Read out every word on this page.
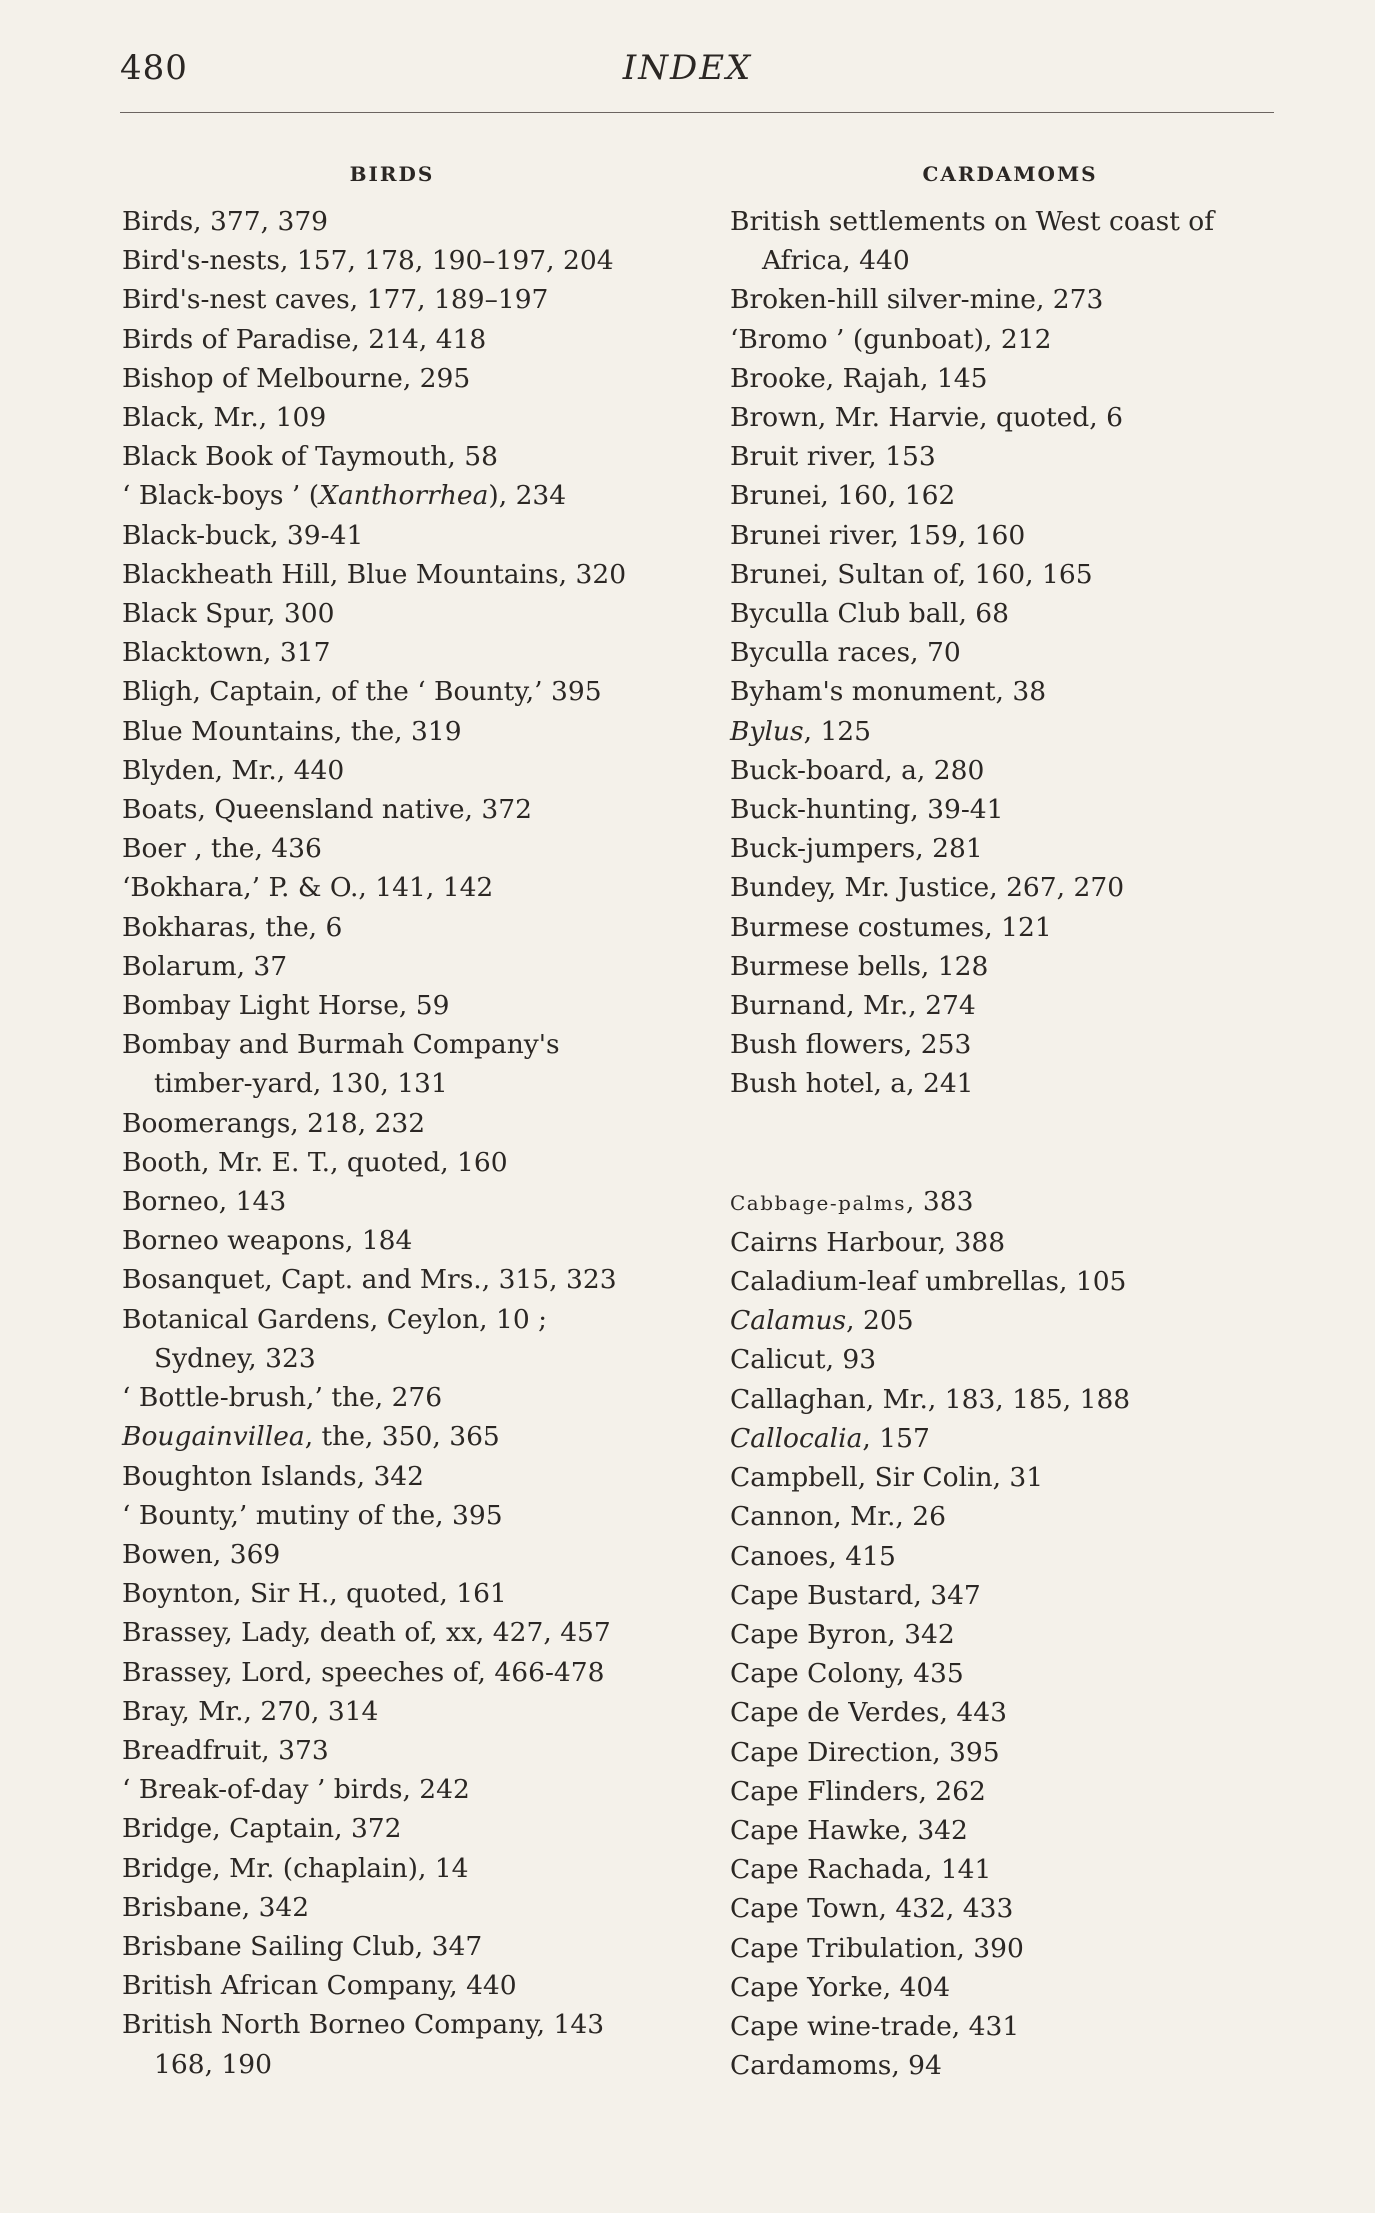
480	INDEX
BIRDS
Birds, 377, 379
Bird's-nests, 157, 178, 190–197, 204
Bird's-nest caves, 177, 189–197
Birds of Paradise, 214, 418
Bishop of Melbourne, 295
Black, Mr., 109
Black Book of Taymouth, 58
‘ Black-boys ’ (Xanthorrhea), 234
Black-buck, 39-41
Blackheath Hill, Blue Mountains, 320
Black Spur, 300
Blacktown, 317
Bligh, Captain, of the ‘ Bounty,’ 395
Blue Mountains, the, 319
Blyden, Mr., 440
Boats, Queensland native, 372
Boer , the, 436
‘Bokhara,’ P. & O., 141, 142
Bokharas, the, 6
Bolarum, 37
Bombay Light Horse, 59
Bombay and Burmah Company's
timber-yard, 130, 131
Boomerangs, 218, 232
Booth, Mr. E. T., quoted, 160
Borneo, 143
Borneo weapons, 184
Bosanquet, Capt. and Mrs., 315, 323
Botanical Gardens, Ceylon, 10 ;
Sydney, 323
‘ Bottle-brush,’ the, 276
Bougainvillea, the, 350, 365
Boughton Islands, 342
‘ Bounty,’ mutiny of the, 395
Bowen, 369
Boynton, Sir H., quoted, 161
Brassey, Lady, death of, xx, 427, 457
Brassey, Lord, speeches of, 466-478
Bray, Mr., 270, 314
Breadfruit, 373
‘ Break-of-day ’ birds, 242
Bridge, Captain, 372
Bridge, Mr. (chaplain), 14
Brisbane, 342
Brisbane Sailing Club, 347
British African Company, 440
British North Borneo Company, 143
168, 190
CARDAMOMS
British settlements on West coast of
Africa, 440
Broken-hill silver-mine, 273
‘Bromo ’ (gunboat), 212
Brooke, Rajah, 145
Brown, Mr. Harvie, quoted, 6
Bruit river, 153
Brunei, 160, 162
Brunei river, 159, 160
Brunei, Sultan of, 160, 165
Byculla Club ball, 68
Byculla races, 70
Byham's monument, 38
Bylus, 125
Buck-board, a, 280
Buck-hunting, 39-41
Buck-jumpers, 281
Bundey, Mr. Justice, 267, 270
Burmese costumes, 121
Burmese bells, 128
Burnand, Mr., 274
Bush flowers, 253
Bush hotel, a, 241
Cabbage-palms, 383
Cairns Harbour, 388
Caladium-leaf umbrellas, 105
Calamus, 205
Calicut, 93
Callaghan, Mr., 183, 185, 188
Callocalia, 157
Campbell, Sir Colin, 31
Cannon, Mr., 26
Canoes, 415
Cape Bustard, 347
Cape Byron, 342
Cape Colony, 435
Cape de Verdes, 443
Cape Direction, 395
Cape Flinders, 262
Cape Hawke, 342
Cape Rachada, 141
Cape Town, 432, 433
Cape Tribulation, 390
Cape Yorke, 404
Cape wine-trade, 431
Cardamoms, 94
